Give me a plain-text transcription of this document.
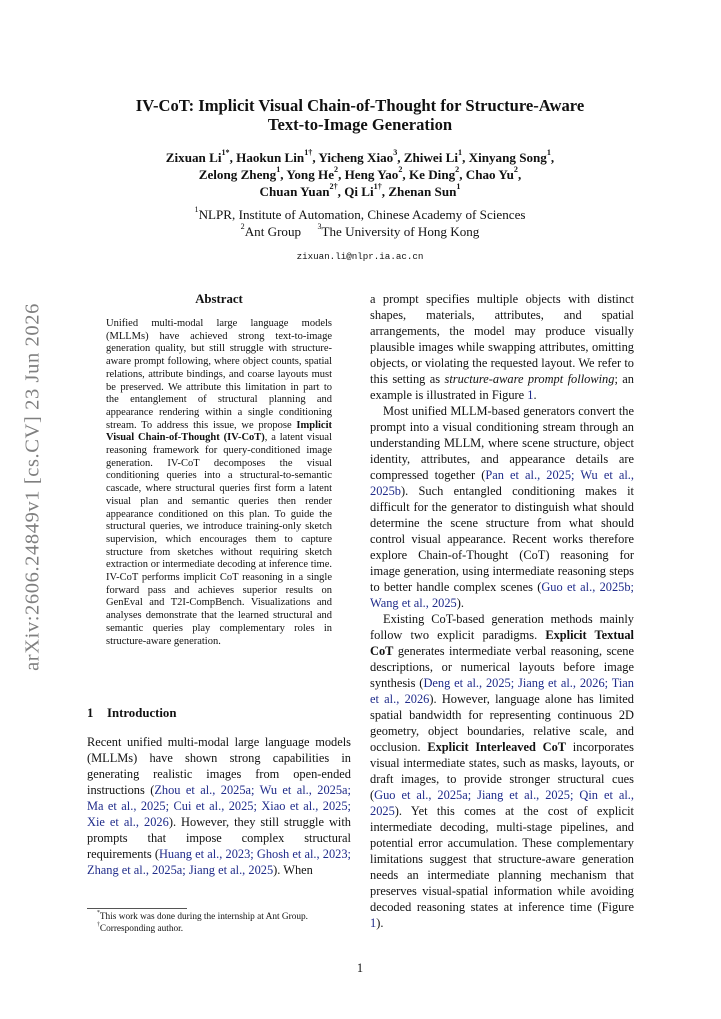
arXiv:2606.24849v1 [cs.CV] 23 Jun 2026
IV-CoT: Implicit Visual Chain-of-Thought for Structure-Aware
Text-to-Image Generation
Zixuan $Li^{1*}$, Haokun Lin$^{1\dagger}$, Yicheng Xiao$^3$, Zhiwei Li$^1$, Xinyang Song$^1$,
Zelong Zheng$^1$, Yong He$^2$, Heng Yao$^2$, Ke Ding$^2$, Chao Yu$^2$,
Chuan Yuan$^{2\dagger}$, Qi $Li^{1\dagger}$, Zhenan Sun$^1$
$^1$NLPR, Institute of Automation, Chinese Academy of Sciences
$^2$Ant Group $^3$The University of Hong Kong
zixuan.li@nlpr.ia.ac.cn
Abstract
Unified multi-modal large language models (MLLMs) have achieved strong text-to-image generation quality, but still struggle with structure-aware prompt following, where object counts, spatial relations, attribute bindings, and coarse layouts must be preserved. We attribute this limitation in part to the entanglement of structural planning and appearance rendering within a single conditioning stream. To address this issue, we propose Implicit Visual Chain-of-Thought (IV-CoT), a latent visual reasoning framework for query-conditioned image generation. IV-CoT decomposes the visual conditioning queries into a structural-to-semantic cascade, where structural queries first form a latent visual plan and semantic queries then render appearance conditioned on this plan. To guide the structural queries, we introduce training-only sketch supervision, which encourages them to capture structure from sketches without requiring sketch extraction or intermediate decoding at inference time. IV-CoT performs implicit CoT reasoning in a single forward pass and achieves superior results on GenEval and T2I-CompBench. Visualizations and analyses demonstrate that the learned structural and semantic queries play complementary roles in structure-aware generation.
1 Introduction
Recent unified multi-modal large language models (MLLMs) have shown strong capabilities in generating realistic images from open-ended instructions (Zhou et al., 2025a; Wu et al., 2025a; Ma et al., 2025; Cui et al., 2025; Xiao et al., 2025; Xie et al., 2026). However, they still struggle with prompts that impose complex structural requirements (Huang et al., 2023; Ghosh et al., 2023; Zhang et al., 2025a; Jiang et al., 2025). When
*This work was done during the internship at Ant Group.
†Corresponding author.

a prompt specifies multiple objects with distinct shapes, materials, attributes, and spatial arrangements, the model may produce visually plausible images while swapping attributes, omitting objects, or violating the requested layout. We refer to this setting as structure-aware prompt following; an example is illustrated in Figure 1.

Most unified MLLM-based generators convert the prompt into a visual conditioning stream through an understanding MLLM, where scene structure, object identity, attributes, and appearance details are compressed together (Pan et al., 2025; Wu et al., 2025b). Such entangled conditioning makes it difficult for the generator to distinguish what should determine the scene structure from what should control visual appearance. Recent works therefore explore Chain-of-Thought (CoT) reasoning for image generation, using intermediate reasoning steps to better handle complex scenes (Guo et al., 2025b; Wang et al., 2025).

Existing CoT-based generation methods mainly follow two explicit paradigms. Explicit Textual CoT generates intermediate verbal reasoning, scene descriptions, or numerical layouts before image synthesis (Deng et al., 2025; Jiang et al., 2026; Tian et al., 2026). However, language alone has limited spatial bandwidth for representing continuous 2D geometry, object boundaries, relative scale, and occlusion. Explicit Interleaved CoT incorporates visual intermediate states, such as masks, layouts, or draft images, to provide stronger structural cues (Guo et al., 2025a; Jiang et al., 2025; Qin et al., 2025). Yet this comes at the cost of explicit intermediate decoding, multi-stage pipelines, and potential error accumulation. These complementary limitations suggest that structure-aware generation needs an intermediate planning mechanism that preserves visual-spatial information while avoiding decoded reasoning states at inference time (Figure 1).

1
